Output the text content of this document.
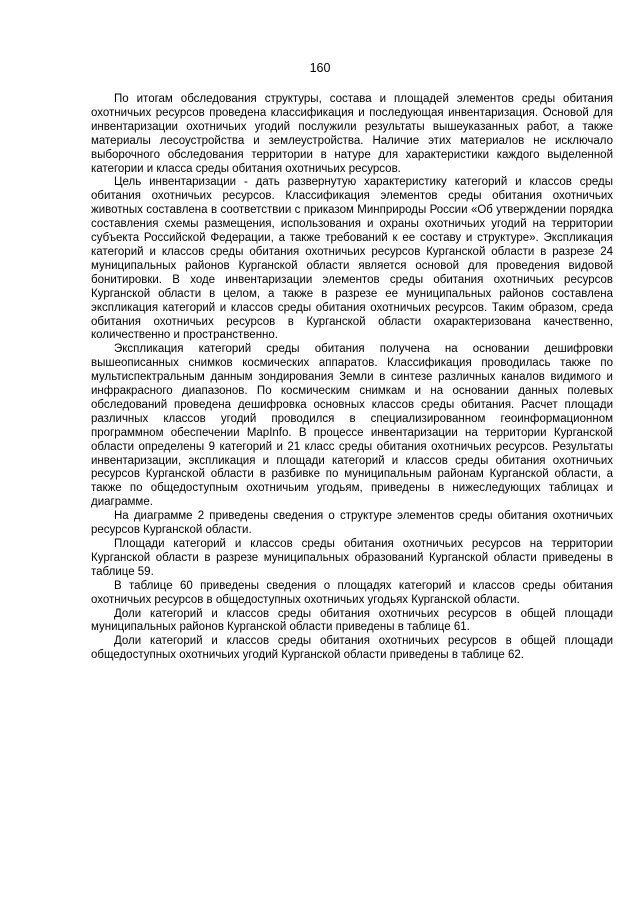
160

По итогам обследования структуры, состава и площадей элементов среды обитания охотничьих ресурсов проведена классификация и последующая инвентаризация. Основой для инвентаризации охотничьих угодий послужили результаты вышеуказанных работ, а также материалы лесоустройства и землеустройства. Наличие этих материалов не исключало выборочного обследования территории в натуре для характеристики каждого выделенной категории и класса среды обитания охотничьих ресурсов.

Цель инвентаризации - дать развернутую характеристику категорий и классов среды обитания охотничьих ресурсов. Классификация элементов среды обитания охотничьих животных составлена в соответствии с приказом Минприроды России «Об утверждении порядка составления схемы размещения, использования и охраны охотничьих угодий на территории субъекта Российской Федерации, а также требований к ее составу и структуре». Экспликация категорий и классов среды обитания охотничьих ресурсов Курганской области в разрезе 24 муниципальных районов Курганской области является основой для проведения видовой бонитировки. В ходе инвентаризации элементов среды обитания охотничьих ресурсов Курганской области в целом, а также в разрезе ее муниципальных районов составлена экспликация категорий и классов среды обитания охотничьих ресурсов. Таким образом, среда обитания охотничьих ресурсов в Курганской области охарактеризована качественно, количественно и пространственно.

Экспликация категорий среды обитания получена на основании дешифровки вышеописанных снимков космических аппаратов. Классификация проводилась также по мультиспектральным данным зондирования Земли в синтезе различных каналов видимого и инфракрасного диапазонов. По космическим снимкам и на основании данных полевых обследований проведена дешифровка основных классов среды обитания. Расчет площади различных классов угодий проводился в специализированном геоинформационном программном обеспечении MapInfo. В процессе инвентаризации на территории Курганской области определены 9 категорий и 21 класс среды обитания охотничьих ресурсов. Результаты инвентаризации, экспликация и площади категорий и классов среды обитания охотничьих ресурсов Курганской области в разбивке по муниципальным районам Курганской области, а также по общедоступным охотничьим угодьям, приведены в нижеследующих таблицах и диаграмме.

На диаграмме 2 приведены сведения о структуре элементов среды обитания охотничьих ресурсов Курганской области.

Площади категорий и классов среды обитания охотничьих ресурсов на территории Курганской области в разрезе муниципальных образований Курганской области приведены в таблице 59.

В таблице 60 приведены сведения о площадях категорий и классов среды обитания охотничьих ресурсов в общедоступных охотничьих угодьях Курганской области.

Доли категорий и классов среды обитания охотничьих ресурсов в общей площади муниципальных районов Курганской области приведены в таблице 61.

Доли категорий и классов среды обитания охотничьих ресурсов в общей площади общедоступных охотничьих угодий Курганской области приведены в таблице 62.
